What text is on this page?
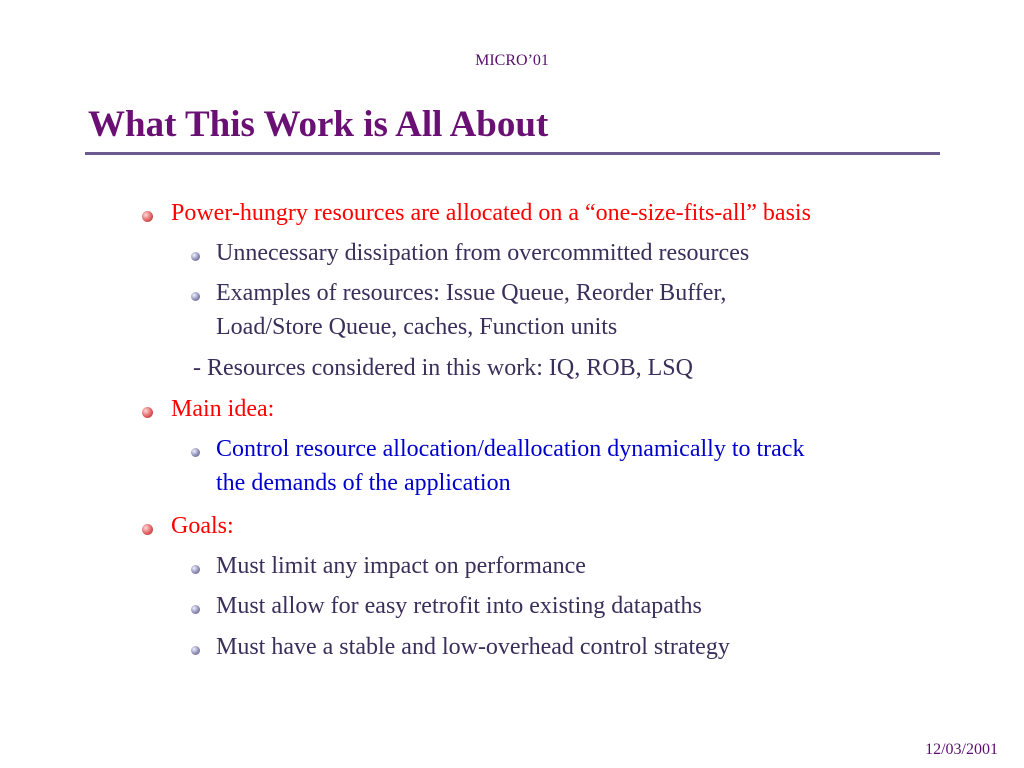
MICRO’01
What This Work is All About
Power-hungry resources are allocated on a “one-size-fits-all” basis
Unnecessary dissipation from overcommitted resources
Examples of resources: Issue Queue, Reorder Buffer,
Load/Store Queue, caches, Function units
- Resources considered in this work: IQ, ROB, LSQ
Main idea:
Control resource allocation/deallocation dynamically to track
the demands of the application
Goals:
Must limit any impact on performance
Must allow for easy retrofit into existing datapaths
Must have a stable and low-overhead control strategy
12/03/2001
